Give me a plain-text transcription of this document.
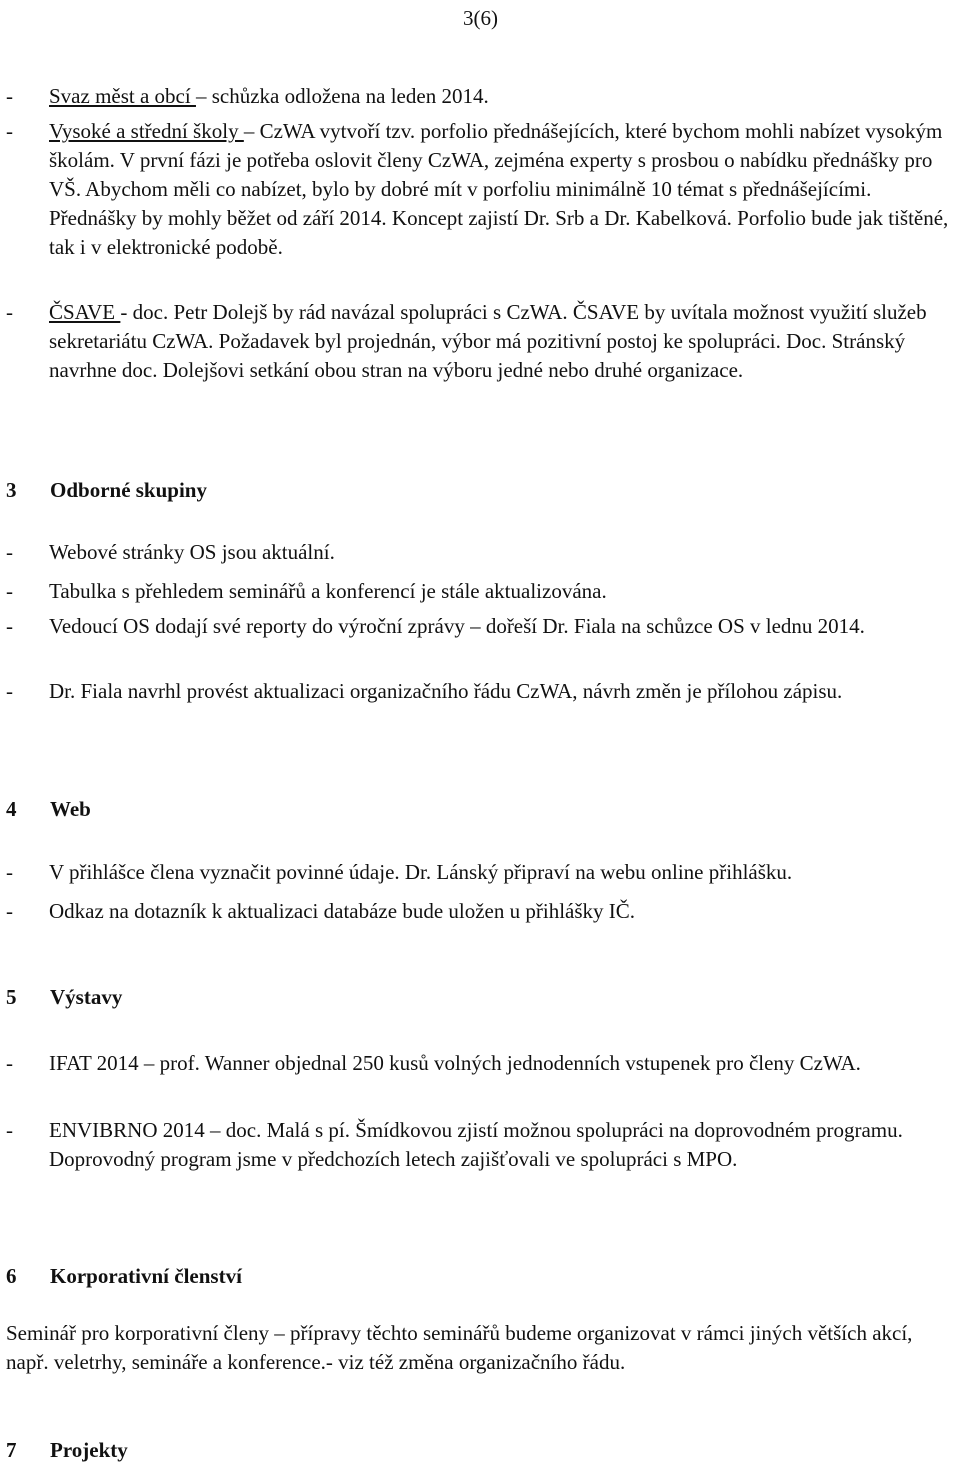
3(6)
- Svaz měst a obcí – schůzka odložena na leden 2014.
- Vysoké a střední školy – CzWA vytvoří tzv. porfolio přednášejících, které bychom mohli nabízet vysokým školám. V první fázi je potřeba oslovit členy CzWA, zejména experty s prosbou o nabídku přednášky pro VŠ. Abychom měli co nabízet, bylo by dobré mít v porfoliu minimálně 10 témat s přednášejícími. Přednášky by mohly běžet od září 2014. Koncept zajistí Dr. Srb a Dr. Kabelková. Porfolio bude jak tištěné, tak i v elektronické podobě.
- ČSAVE - doc. Petr Dolejš by rád navázal spolupráci s CzWA. ČSAVE by uvítala možnost využití služeb sekretariátu CzWA. Požadavek byl projednán, výbor má pozitivní postoj ke spolupráci. Doc. Stránský navrhne doc. Dolejšovi setkání obou stran na výboru jedné nebo druhé organizace.
3 Odborné skupiny
- Webové stránky OS jsou aktuální.
- Tabulka s přehledem seminářů a konferencí je stále aktualizována.
- Vedoucí OS dodají své reporty do výroční zprávy – dořeší Dr. Fiala na schůzce OS v lednu 2014.
- Dr. Fiala navrhl provést aktualizaci organizačního řádu CzWA, návrh změn je přílohou zápisu.
4 Web
- V přihlášce člena vyznačit povinné údaje. Dr. Lánský připraví na webu online přihlášku.
- Odkaz na dotazník k aktualizaci databáze bude uložen u přihlášky IČ.
5 Výstavy
- IFAT 2014 – prof. Wanner objednal 250 kusů volných jednodenních vstupenek pro členy CzWA.
- ENVIBRNO 2014 – doc. Malá s pí. Šmídkovou zjistí možnou spolupráci na doprovodném programu. Doprovodný program jsme v předchozích letech zajišťovali ve spolupráci s MPO.
6 Korporativní členství
Seminář pro korporativní členy – přípravy těchto seminářů budeme organizovat v rámci jiných větších akcí, např. veletrhy, semináře a konference.- viz též změna organizačního řádu.
7 Projekty
